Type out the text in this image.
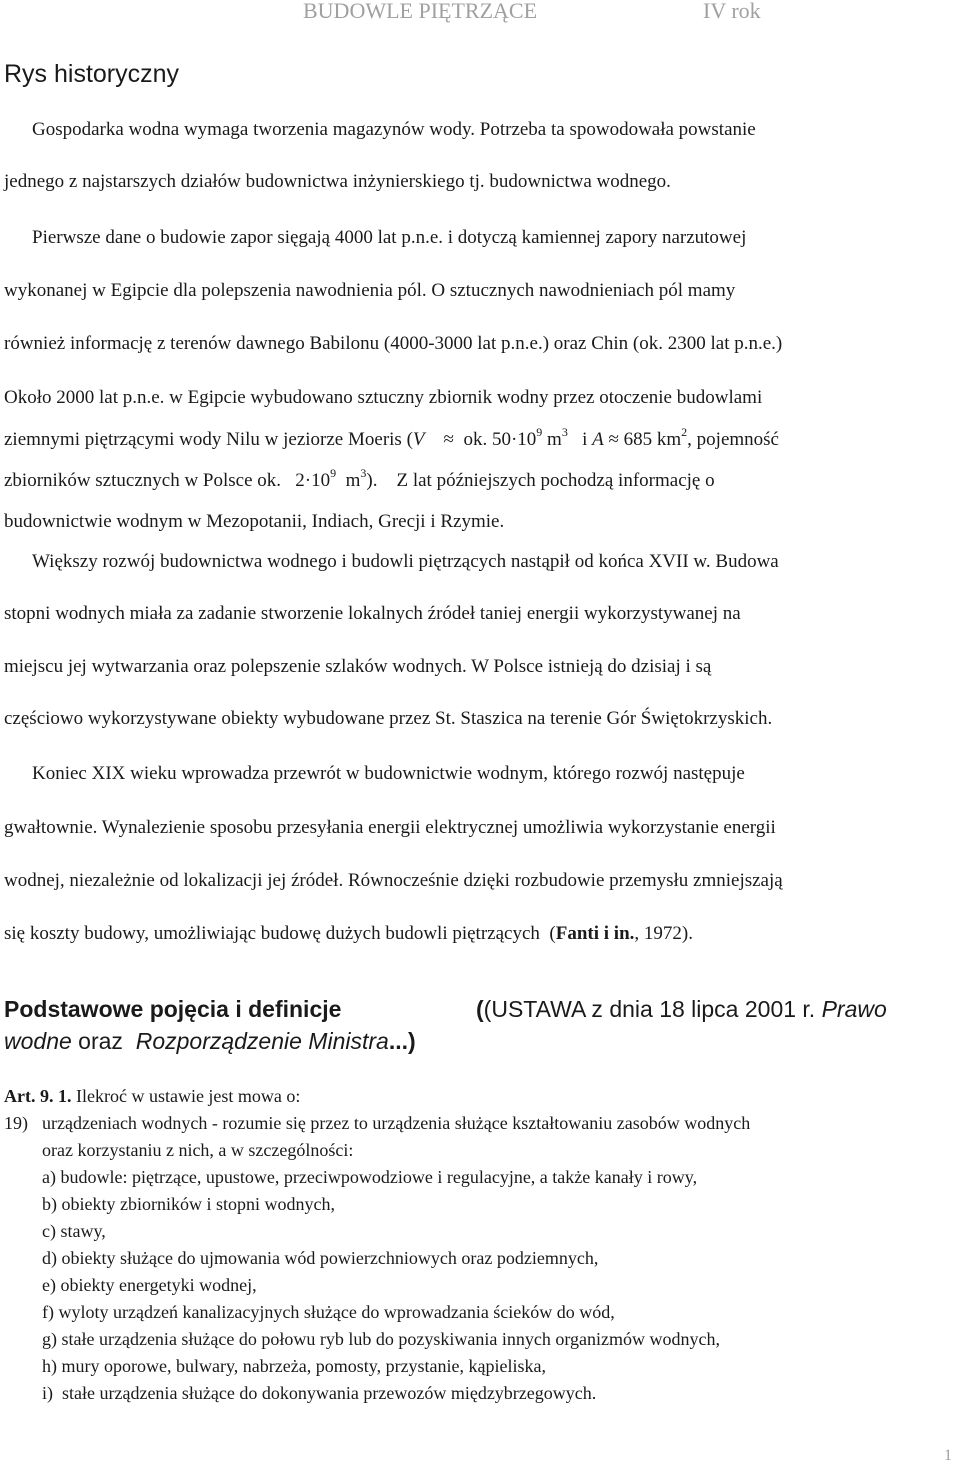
BUDOWLE PIĘTRZĄCE	IV rok
Rys historyczny
Gospodarka wodna wymaga tworzenia magazynów wody. Potrzeba ta spowodowała powstanie
jednego z najstarszych działów budownictwa inżynierskiego tj. budownictwa wodnego.
Pierwsze dane o budowie zapor sięgają 4000 lat p.n.e. i dotyczą kamiennej zapory narzutowej
wykonanej w Egipcie dla polepszenia nawodnienia pól. O sztucznych nawodnieniach pól mamy
również informację z terenów dawnego Babilonu (4000-3000 lat p.n.e.) oraz Chin (ok. 2300 lat p.n.e.)
Około 2000 lat p.n.e. w Egipcie wybudowano sztuczny zbiornik wodny przez otoczenie budowlami
ziemnymi piętrzącymi wody Nilu w jeziorze Moeris (V ≈ ok. $50\cdot 10^9$ $m^3$ i A ≈ 685 $km^2$, pojemność
zbiorników sztucznych w Polsce ok. $2\cdot 10^9$ $m^3$). Z lat późniejszych pochodzą informację o
budownictwie wodnym w Mezopotanii, Indiach, Grecji i Rzymie.
Większy rozwój budownictwa wodnego i budowli piętrzących nastąpił od końca XVII w. Budowa
stopni wodnych miała za zadanie stworzenie lokalnych źródeł taniej energii wykorzystywanej na
miejscu jej wytwarzania oraz polepszenie szlaków wodnych. W Polsce istnieją do dzisiaj i są
częściowo wykorzystywane obiekty wybudowane przez St. Staszica na terenie Gór Świętokrzyskich.
Koniec XIX wieku wprowadza przewrót w budownictwie wodnym, którego rozwój następuje
gwałtownie. Wynalezienie sposobu przesyłania energii elektrycznej umożliwia wykorzystanie energii
wodnej, niezależnie od lokalizacji jej źródeł. Równocześnie dzięki rozbudowie przemysłu zmniejszają
się koszty budowy, umożliwiając budowę dużych budowli piętrzących  (Fanti i in., 1972).
Podstawowe pojęcia i definicje	((USTAWA z dnia 18 lipca 2001 r. Prawo
wodne oraz Rozporządzenie Ministra...)
Art. 9. 1. Ilekroć w ustawie jest mowa o:
19) urządzeniach wodnych - rozumie się przez to urządzenia służące kształtowaniu zasobów wodnych
oraz korzystaniu z nich, a w szczególności:
a) budowle: piętrzące, upustowe, przeciwpowodziowe i regulacyjne, a także kanały i rowy,
b) obiekty zbiorników i stopni wodnych,
c) stawy,
d) obiekty służące do ujmowania wód powierzchniowych oraz podziemnych,
e) obiekty energetyki wodnej,
f) wyloty urządzeń kanalizacyjnych służące do wprowadzania ścieków do wód,
g) stałe urządzenia służące do połowu ryb lub do pozyskiwania innych organizmów wodnych,
h) mury oporowe, bulwary, nabrzeża, pomosty, przystanie, kąpieliska,
i) stałe urządzenia służące do dokonywania przewozów międzybrzegowych.
1
